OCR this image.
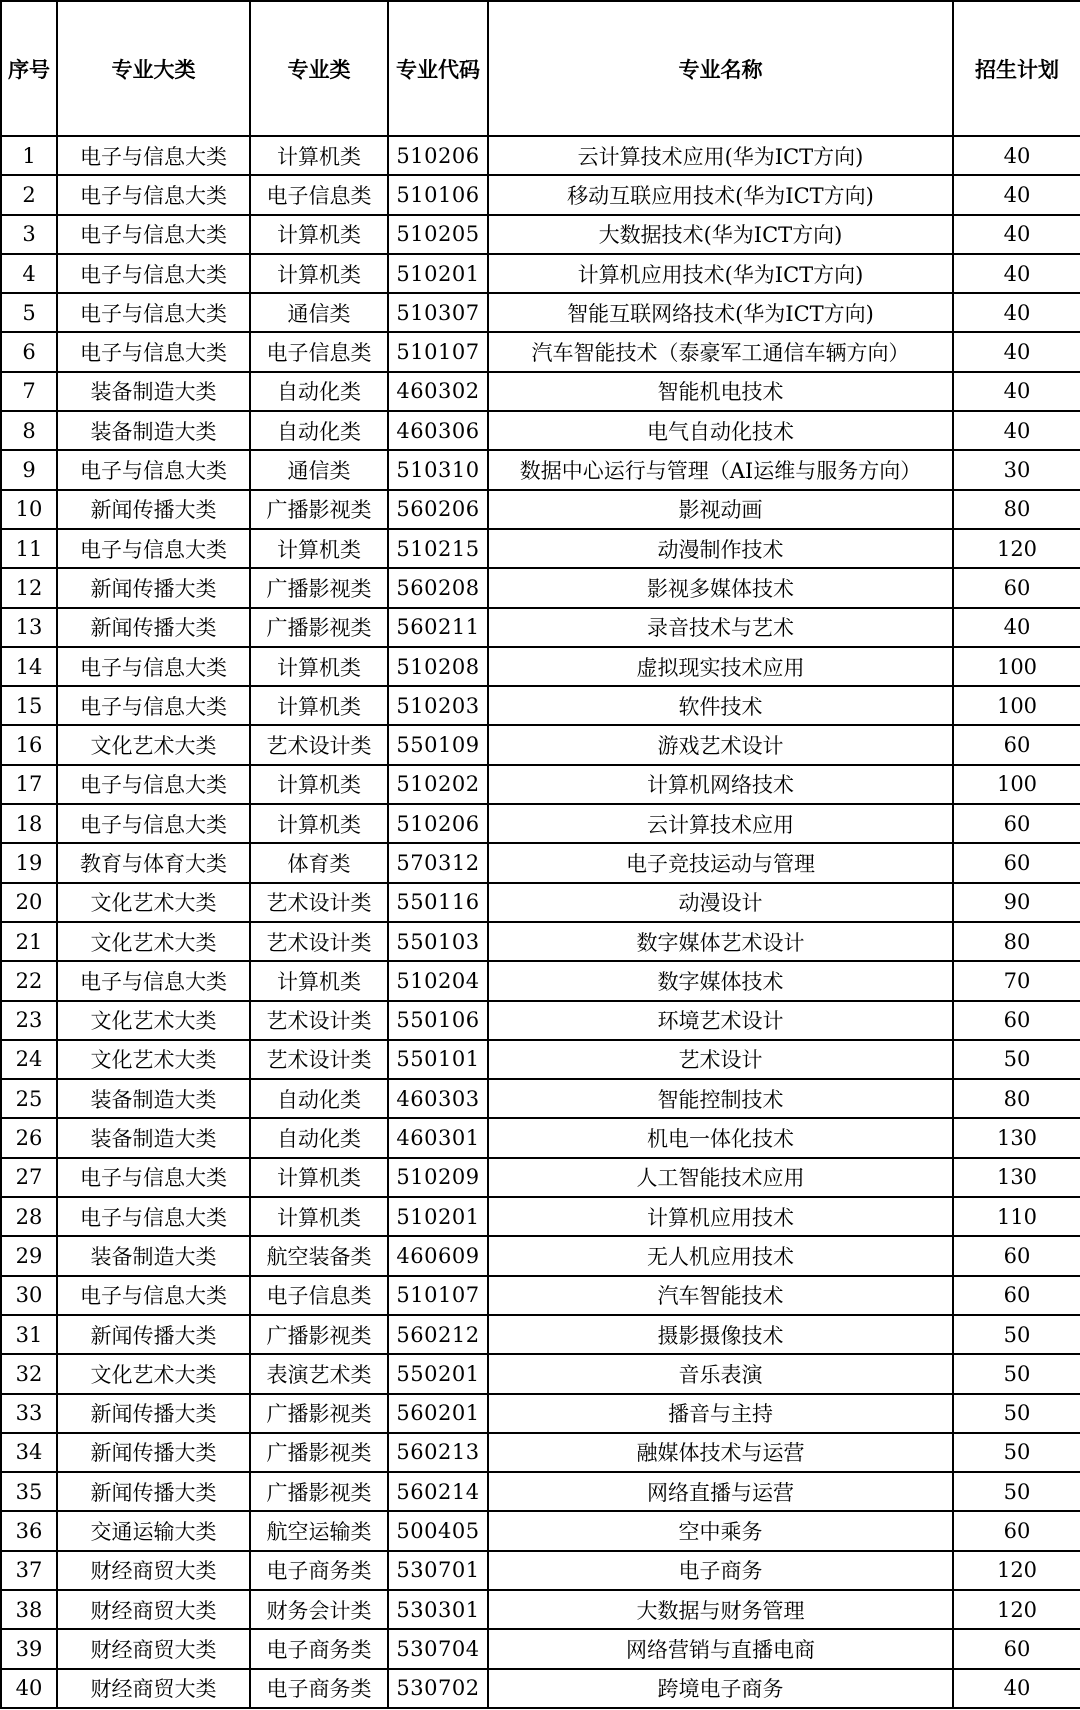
序号	专业大类	专业类	专业代码	专业名称	招生计划
1	电子与信息大类	计算机类	510206	云计算技术应用(华为ICT方向)	40
2	电子与信息大类	电子信息类	510106	移动互联应用技术(华为ICT方向)	40
3	电子与信息大类	计算机类	510205	大数据技术(华为ICT方向)	40
4	电子与信息大类	计算机类	510201	计算机应用技术(华为ICT方向)	40
5	电子与信息大类	通信类	510307	智能互联网络技术(华为ICT方向)	40
6	电子与信息大类	电子信息类	510107	汽车智能技术（泰豪军工通信车辆方向）	40
7	装备制造大类	自动化类	460302	智能机电技术	40
8	装备制造大类	自动化类	460306	电气自动化技术	40
9	电子与信息大类	通信类	510310	数据中心运行与管理（AI运维与服务方向）	30
10	新闻传播大类	广播影视类	560206	影视动画	80
11	电子与信息大类	计算机类	510215	动漫制作技术	120
12	新闻传播大类	广播影视类	560208	影视多媒体技术	60
13	新闻传播大类	广播影视类	560211	录音技术与艺术	40
14	电子与信息大类	计算机类	510208	虚拟现实技术应用	100
15	电子与信息大类	计算机类	510203	软件技术	100
16	文化艺术大类	艺术设计类	550109	游戏艺术设计	60
17	电子与信息大类	计算机类	510202	计算机网络技术	100
18	电子与信息大类	计算机类	510206	云计算技术应用	60
19	教育与体育大类	体育类	570312	电子竞技运动与管理	60
20	文化艺术大类	艺术设计类	550116	动漫设计	90
21	文化艺术大类	艺术设计类	550103	数字媒体艺术设计	80
22	电子与信息大类	计算机类	510204	数字媒体技术	70
23	文化艺术大类	艺术设计类	550106	环境艺术设计	60
24	文化艺术大类	艺术设计类	550101	艺术设计	50
25	装备制造大类	自动化类	460303	智能控制技术	80
26	装备制造大类	自动化类	460301	机电一体化技术	130
27	电子与信息大类	计算机类	510209	人工智能技术应用	130
28	电子与信息大类	计算机类	510201	计算机应用技术	110
29	装备制造大类	航空装备类	460609	无人机应用技术	60
30	电子与信息大类	电子信息类	510107	汽车智能技术	60
31	新闻传播大类	广播影视类	560212	摄影摄像技术	50
32	文化艺术大类	表演艺术类	550201	音乐表演	50
33	新闻传播大类	广播影视类	560201	播音与主持	50
34	新闻传播大类	广播影视类	560213	融媒体技术与运营	50
35	新闻传播大类	广播影视类	560214	网络直播与运营	50
36	交通运输大类	航空运输类	500405	空中乘务	60
37	财经商贸大类	电子商务类	530701	电子商务	120
38	财经商贸大类	财务会计类	530301	大数据与财务管理	120
39	财经商贸大类	电子商务类	530704	网络营销与直播电商	60
40	财经商贸大类	电子商务类	530702	跨境电子商务	40
